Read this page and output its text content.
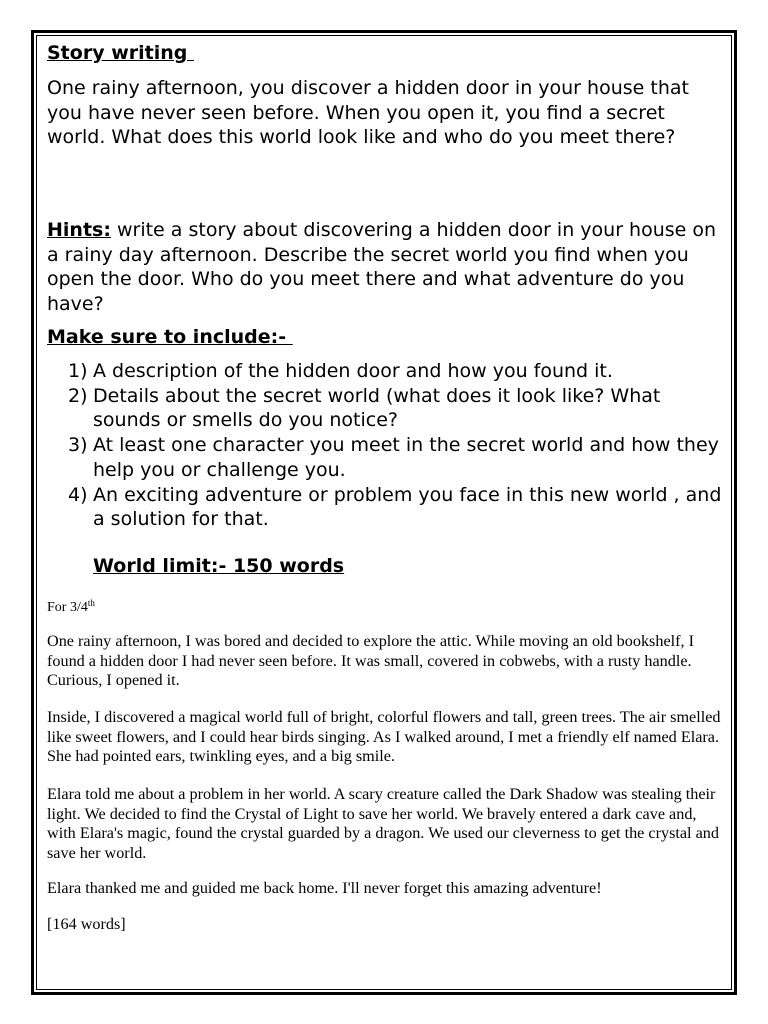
Story writing
One rainy afternoon, you discover a hidden door in your house that you have never seen before. When you open it, you find a secret world. What does this world look like and who do you meet there?
Hints: write a story about discovering a hidden door in your house on a rainy day afternoon. Describe the secret world you find when you open the door. Who do you meet there and what adventure do you have?
Make sure to include:-
1) A description of the hidden door and how you found it.
2) Details about the secret world (what does it look like? What sounds or smells do you notice?
3) At least one character you meet in the secret world and how they help you or challenge you.
4) An exciting adventure or problem you face in this new world , and a solution for that.
World limit:- 150 words
For 3/4th

One rainy afternoon, I was bored and decided to explore the attic. While moving an old bookshelf, I found a hidden door I had never seen before. It was small, covered in cobwebs, with a rusty handle. Curious, I opened it.

Inside, I discovered a magical world full of bright, colorful flowers and tall, green trees. The air smelled like sweet flowers, and I could hear birds singing. As I walked around, I met a friendly elf named Elara. She had pointed ears, twinkling eyes, and a big smile.

Elara told me about a problem in her world. A scary creature called the Dark Shadow was stealing their light. We decided to find the Crystal of Light to save her world. We bravely entered a dark cave and, with Elara's magic, found the crystal guarded by a dragon. We used our cleverness to get the crystal and save her world.

Elara thanked me and guided me back home. I'll never forget this amazing adventure!

[164 words]
